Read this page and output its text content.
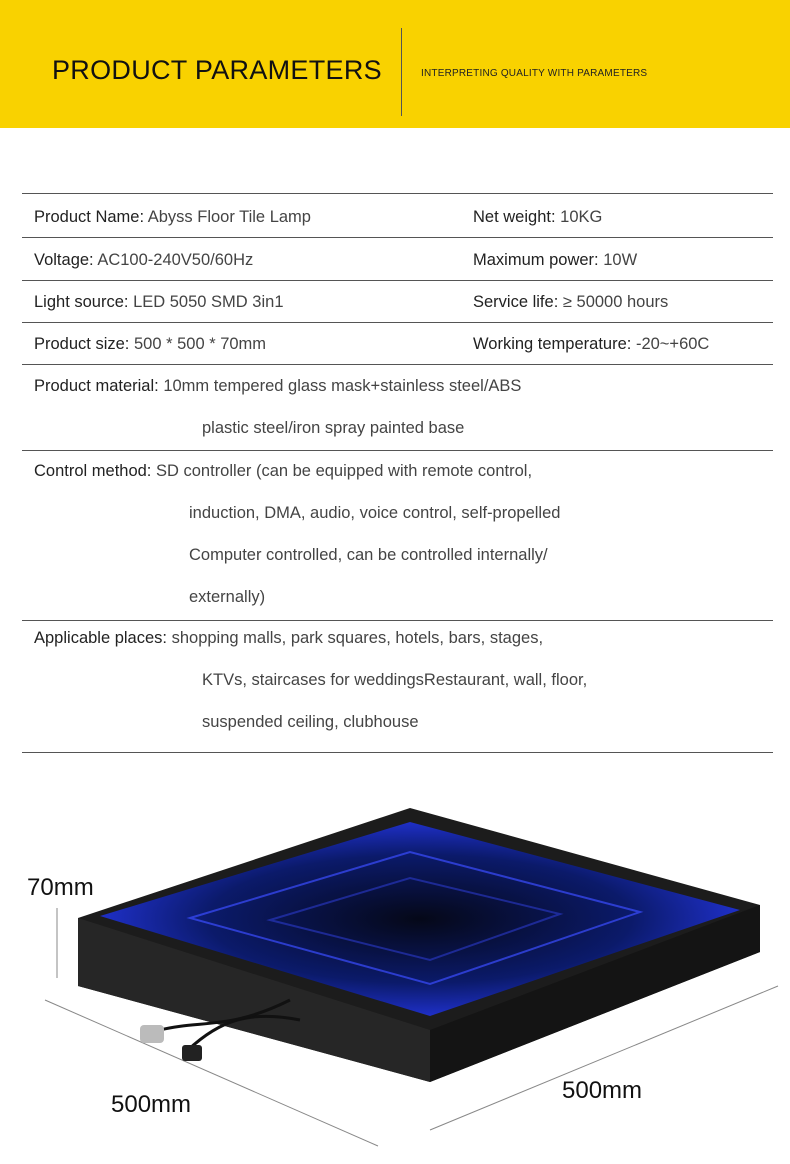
PRODUCT PARAMETERS	INTERPRETING QUALITY WITH PARAMETERS
Product Name: Abyss Floor Tile Lamp	Net weight: 10KG
Voltage: AC100-240V50/60Hz	Maximum power: 10W
Light source: LED 5050 SMD 3in1	Service life: ≥ 50000 hours
Product size: 500 * 500 * 70mm	Working temperature: -20~+60C
Product material: 10mm tempered glass mask+stainless steel/ABS
plastic steel/iron spray painted base
Control method: SD controller (can be equipped with remote control,
induction, DMA, audio, voice control, self-propelled
Computer controlled, can be controlled internally/
externally)
Applicable places: shopping malls, park squares, hotels, bars, stages,
KTVs, staircases for weddingsRestaurant, wall, floor,
suspended ceiling, clubhouse
70mm
500mm
500mm
